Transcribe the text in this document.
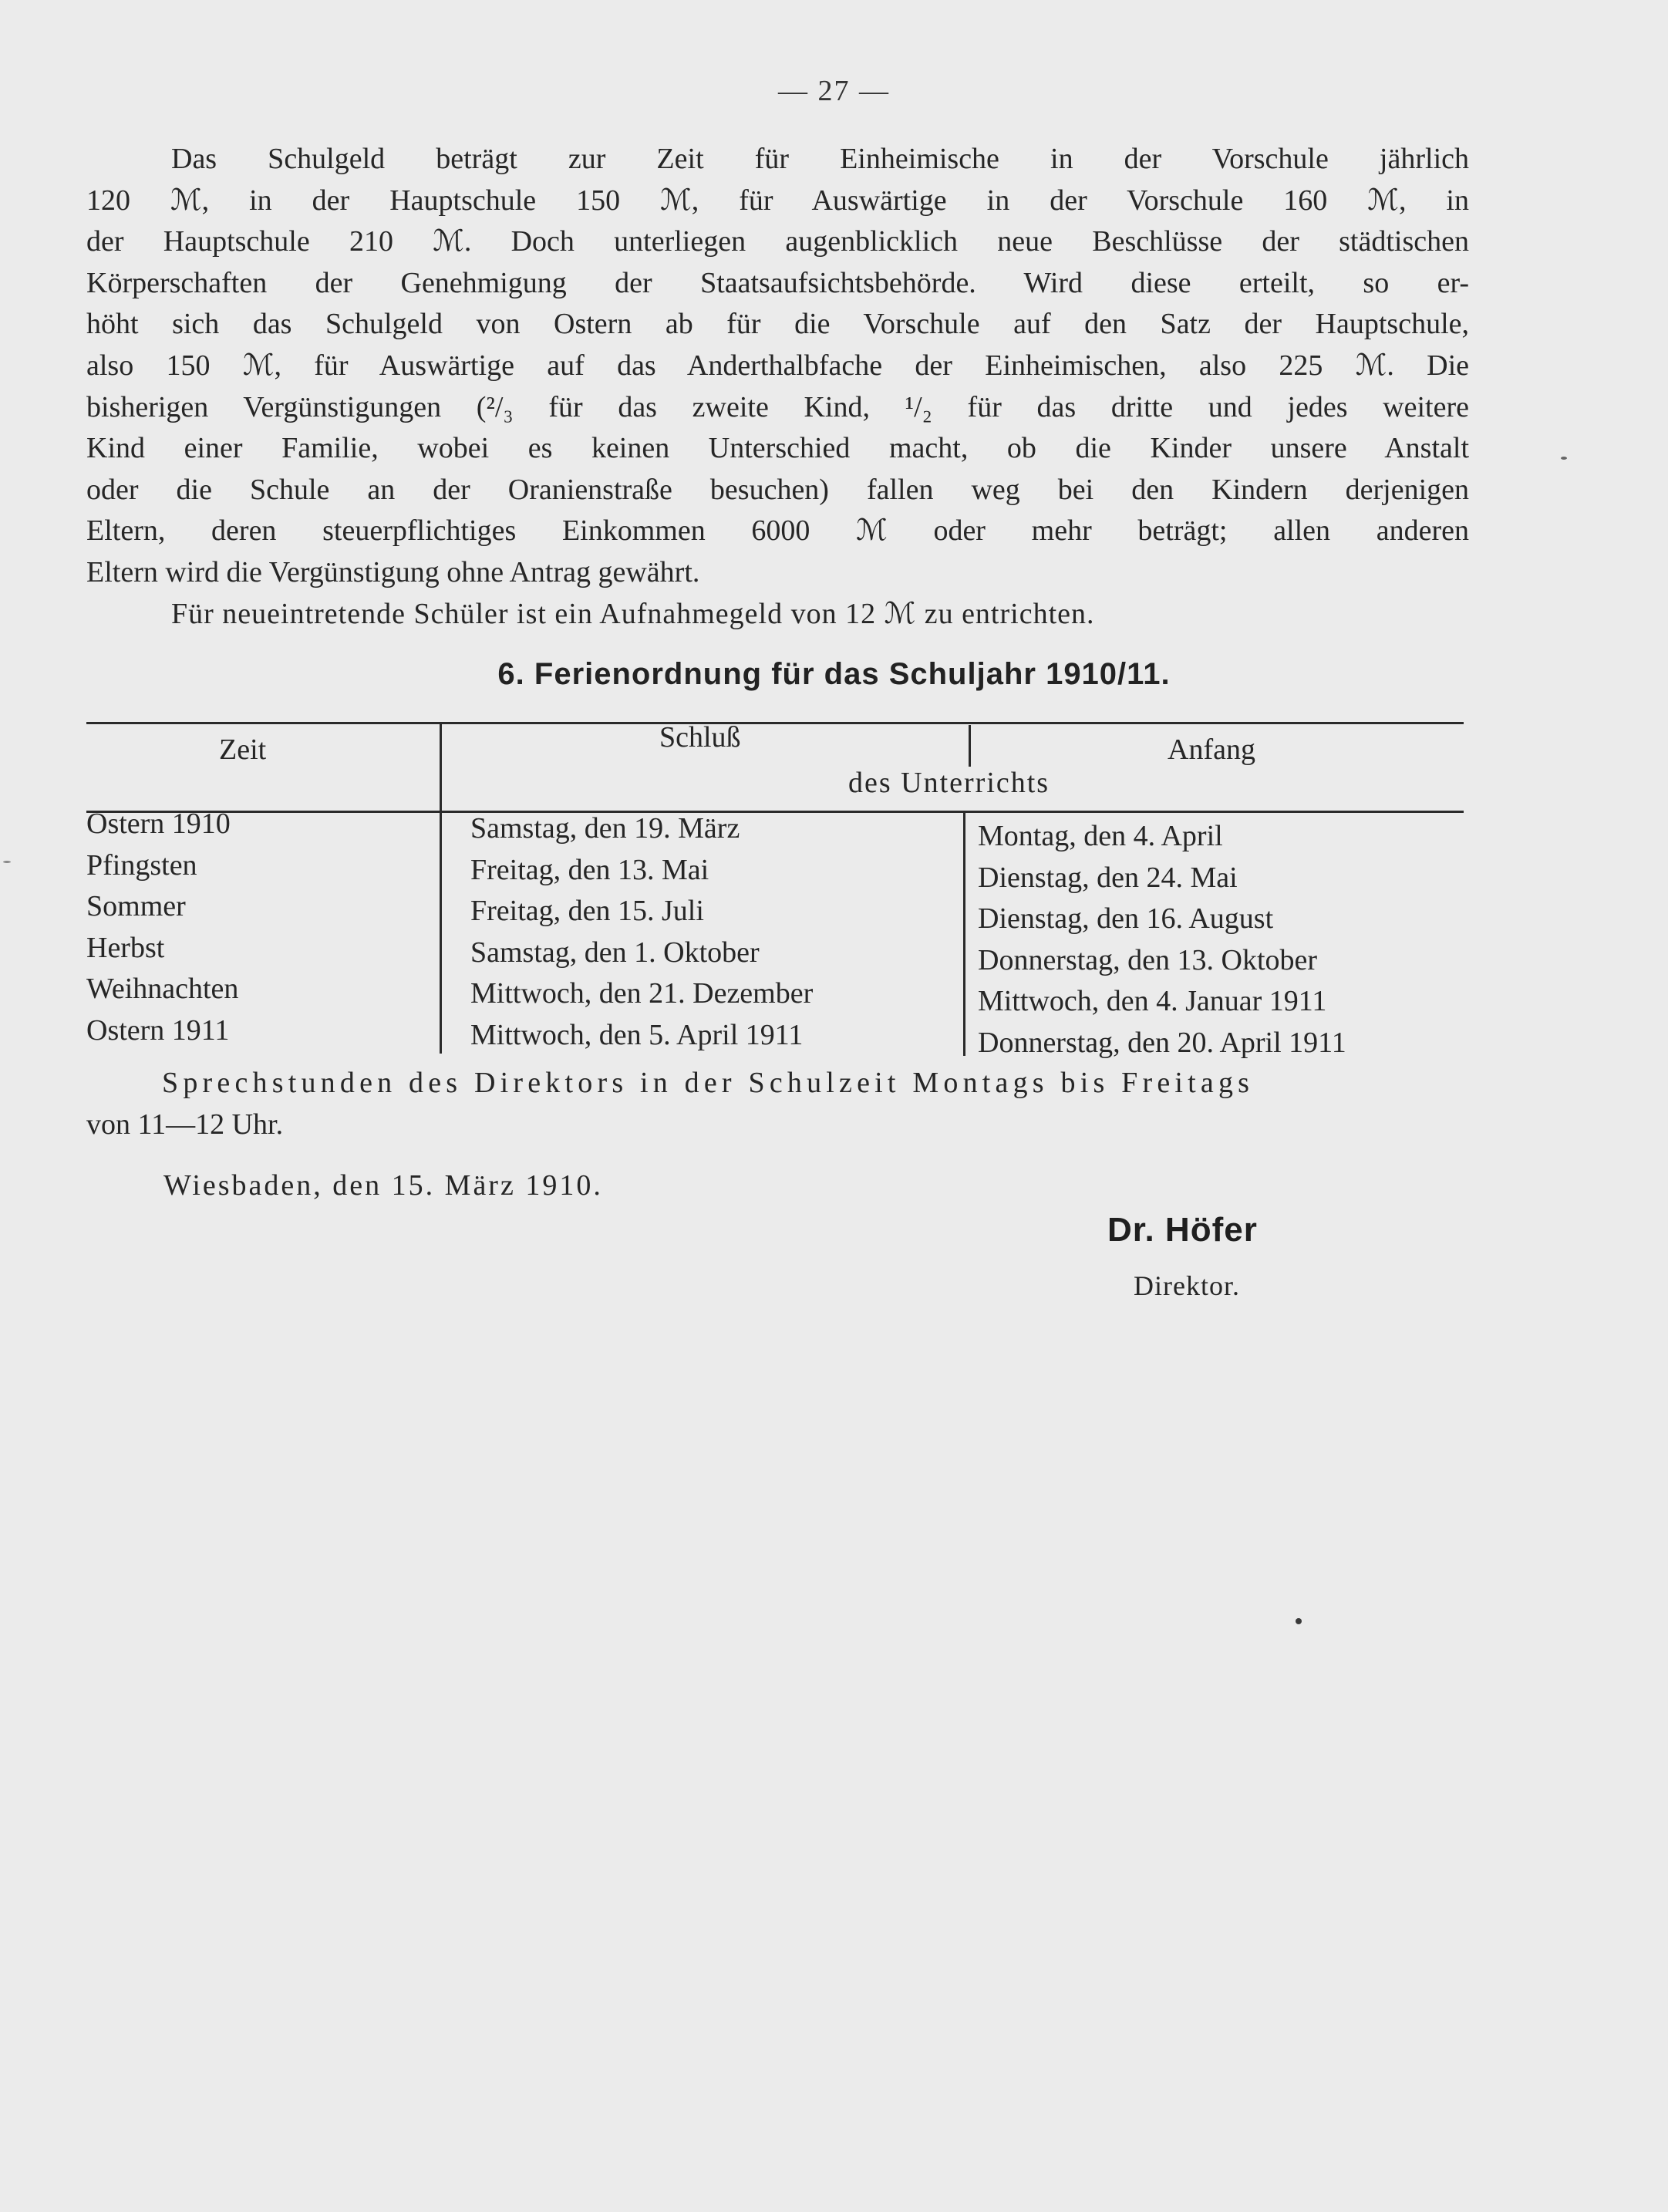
— 27 —

Das Schulgeld beträgt zur Zeit für Einheimische in der Vorschule jährlich
120 ℳ, in der Hauptschule 150 ℳ, für Auswärtige in der Vorschule 160 ℳ, in
der Hauptschule 210 ℳ. Doch unterliegen augenblicklich neue Beschlüsse der städtischen
Körperschaften der Genehmigung der Staatsaufsichtsbehörde. Wird diese erteilt, so er-
höht sich das Schulgeld von Ostern ab für die Vorschule auf den Satz der Hauptschule,
also 150 ℳ, für Auswärtige auf das Anderthalbfache der Einheimischen, also 225 ℳ. Die
bisherigen Vergünstigungen (²/₃ für das zweite Kind, ¹/₂ für das dritte und jedes weitere
Kind einer Familie, wobei es keinen Unterschied macht, ob die Kinder unsere Anstalt
oder die Schule an der Oranienstraße besuchen) fallen weg bei den Kindern derjenigen
Eltern, deren steuerpflichtiges Einkommen 6000 ℳ oder mehr beträgt; allen anderen
Eltern wird die Vergünstigung ohne Antrag gewährt.

Für neueintretende Schüler ist ein Aufnahmegeld von 12 ℳ zu entrichten.

6. Ferienordnung für das Schuljahr 1910/11.
Zeit	Schluß	Anfang
des Unterrichts
Ostern 1910
Pfingsten
Sommer
Herbst
Weihnachten
Ostern 1911
Samstag, den 19. März
Freitag, den 13. Mai
Freitag, den 15. Juli
Samstag, den 1. Oktober
Mittwoch, den 21. Dezember
Mittwoch, den 5. April 1911
Montag, den 4. April
Dienstag, den 24. Mai
Dienstag, den 16. August
Donnerstag, den 13. Oktober
Mittwoch, den 4. Januar 1911
Donnerstag, den 20. April 1911
Sprechstunden des Direktors in der Schulzeit Montags bis Freitags
von 11—12 Uhr.
Wiesbaden, den 15. März 1910.
Dr. Höfer
Direktor.
